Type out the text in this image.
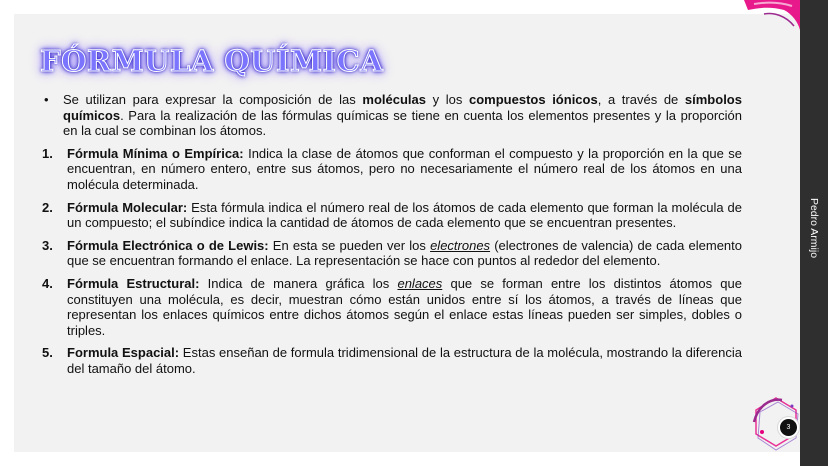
Pedro Armijo
FÓRMULA QUÍMICA

• Se utilizan para expresar la composición de las moléculas y los compuestos iónicos, a través de símbolos químicos. Para la realización de las fórmulas químicas se tiene en cuenta los elementos presentes y la proporción en la cual se combinan los átomos.

1. Fórmula Mínima o Empírica: Indica la clase de átomos que conforman el compuesto y la proporción en la que se encuentran, en número entero, entre sus átomos, pero no necesariamente el número real de los átomos en una molécula determinada.

2. Fórmula Molecular: Esta fórmula indica el número real de los átomos de cada elemento que forman la molécula de un compuesto; el subíndice indica la cantidad de átomos de cada elemento que se encuentran presentes.

3. Fórmula Electrónica o de Lewis: En esta se pueden ver los electrones (electrones de valencia) de cada elemento que se encuentran formando el enlace. La representación se hace con puntos al rededor del elemento.

4. Fórmula Estructural: Indica de manera gráfica los enlaces que se forman entre los distintos átomos que constituyen una molécula, es decir, muestran cómo están unidos entre sí los átomos, a través de líneas que representan los enlaces químicos entre dichos átomos según el enlace estas líneas pueden ser simples, dobles o triples.

5. Formula Espacial: Estas enseñan de formula tridimensional de la estructura de la molécula, mostrando la diferencia del tamaño del átomo.

3
